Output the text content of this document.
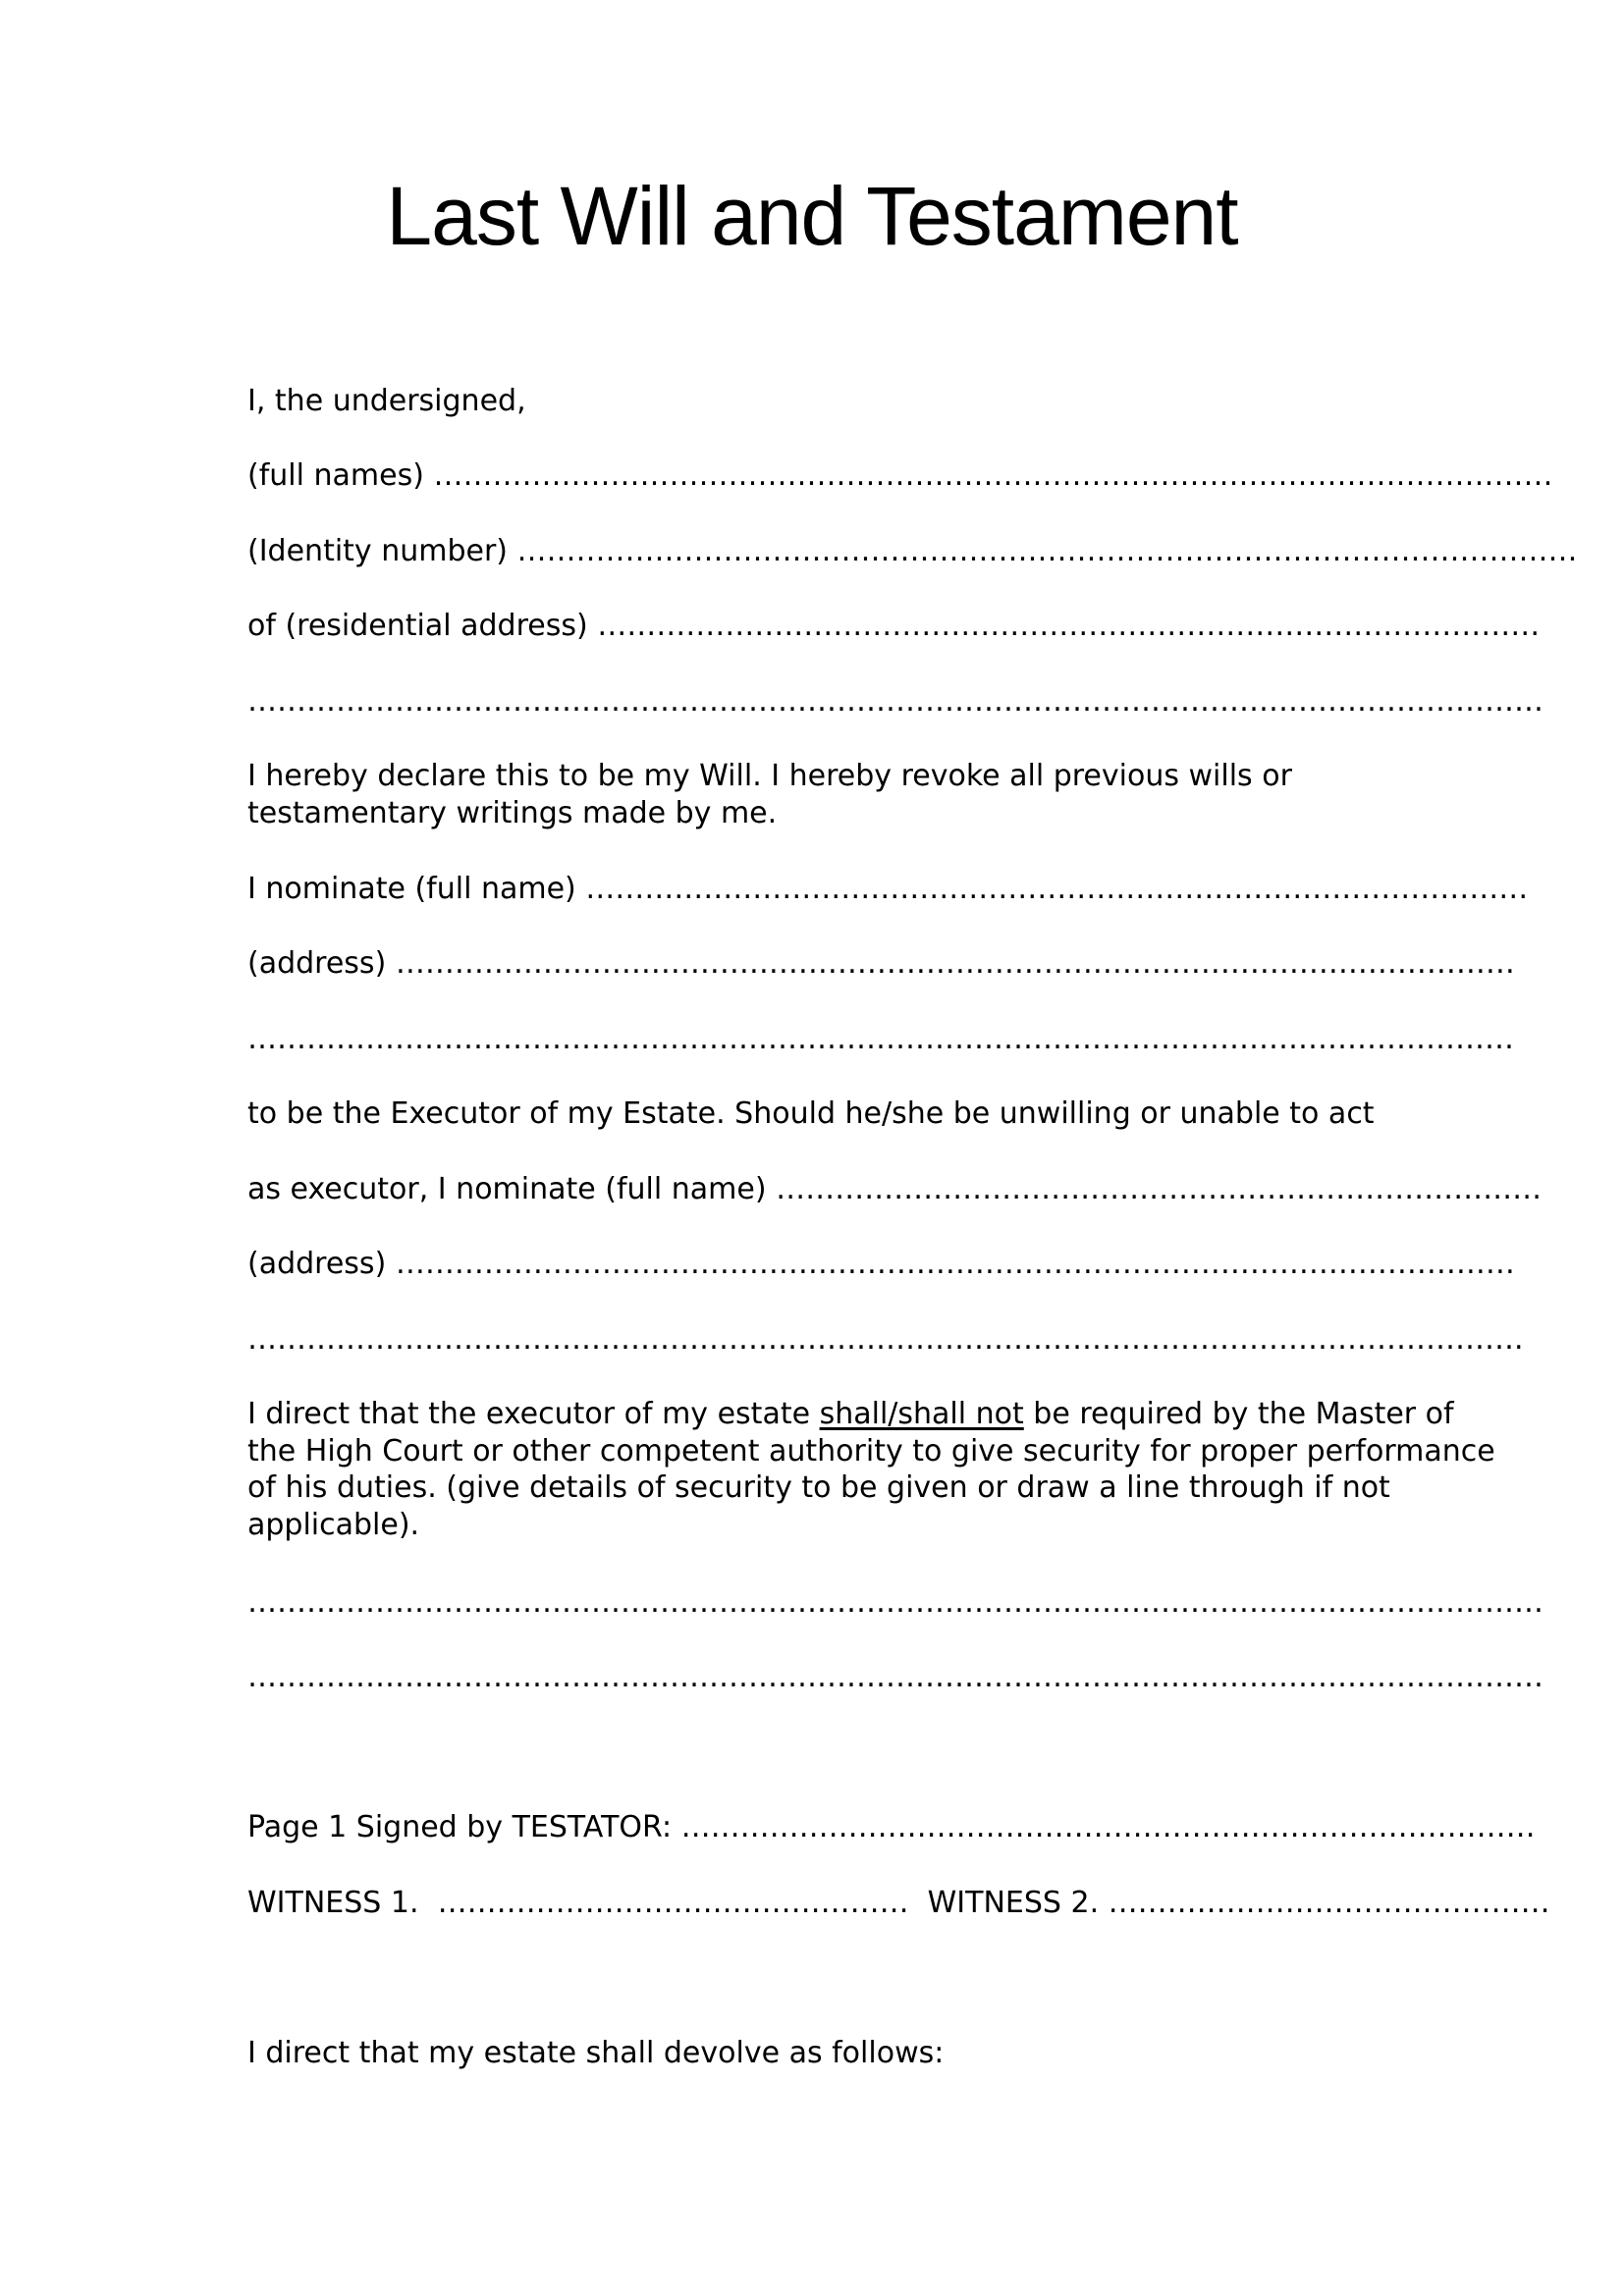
Last Will and Testament
I, the undersigned,
(full names) ……………………………………………………………………………………………………
(Identity number) ………………………………………………………………………………………………
of (residential address) ……………………………………………………………………………………
……………………………………………………………………………………………………………………

I hereby declare this to be my Will. I hereby revoke all previous wills or

testamentary writings made by me.

I nominate (full name) ……………………………………………………………………………………
(address) ……………………………………………………………………………………………………
…………………………………………………………………………………………………………………
to be the Executor of my Estate. Should he/she be unwilling or unable to act
as executor, I nominate (full name) ……………………………………………………………………
(address) ……………………………………………………………………………………………………
………………………………………………………………………………………………………………….

I direct that the executor of my estate shall/shall not be required by the Master of

the High Court or other competent authority to give security for proper performance

of his duties. (give details of security to be given or draw a line through if not

applicable).

……………………………………………………………………………………………………………………
……………………………………………………………………………………………………………………
Page 1 Signed by TESTATOR: ……………………………………………………………………………
WITNESS 1.  ………………………………………… WITNESS 2. ………………………………………
I direct that my estate shall devolve as follows:
